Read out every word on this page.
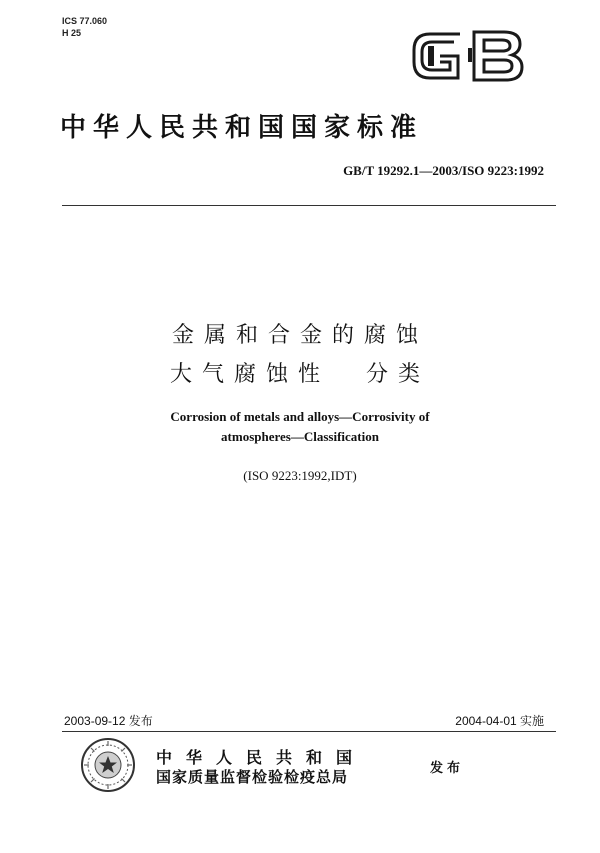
ICS 77.060
H 25
中华人民共和国国家标准
GB/T 19292.1—2003/ISO 9223:1992
金属和合金的腐蚀
大气腐蚀性 分类
Corrosion of metals and alloys—Corrosivity of
atmospheres—Classification
(ISO 9223:1992,IDT)
2003-09-12 发布	2004-04-01 实施
中华人民共和国
国家质量监督检验检疫总局	发布
